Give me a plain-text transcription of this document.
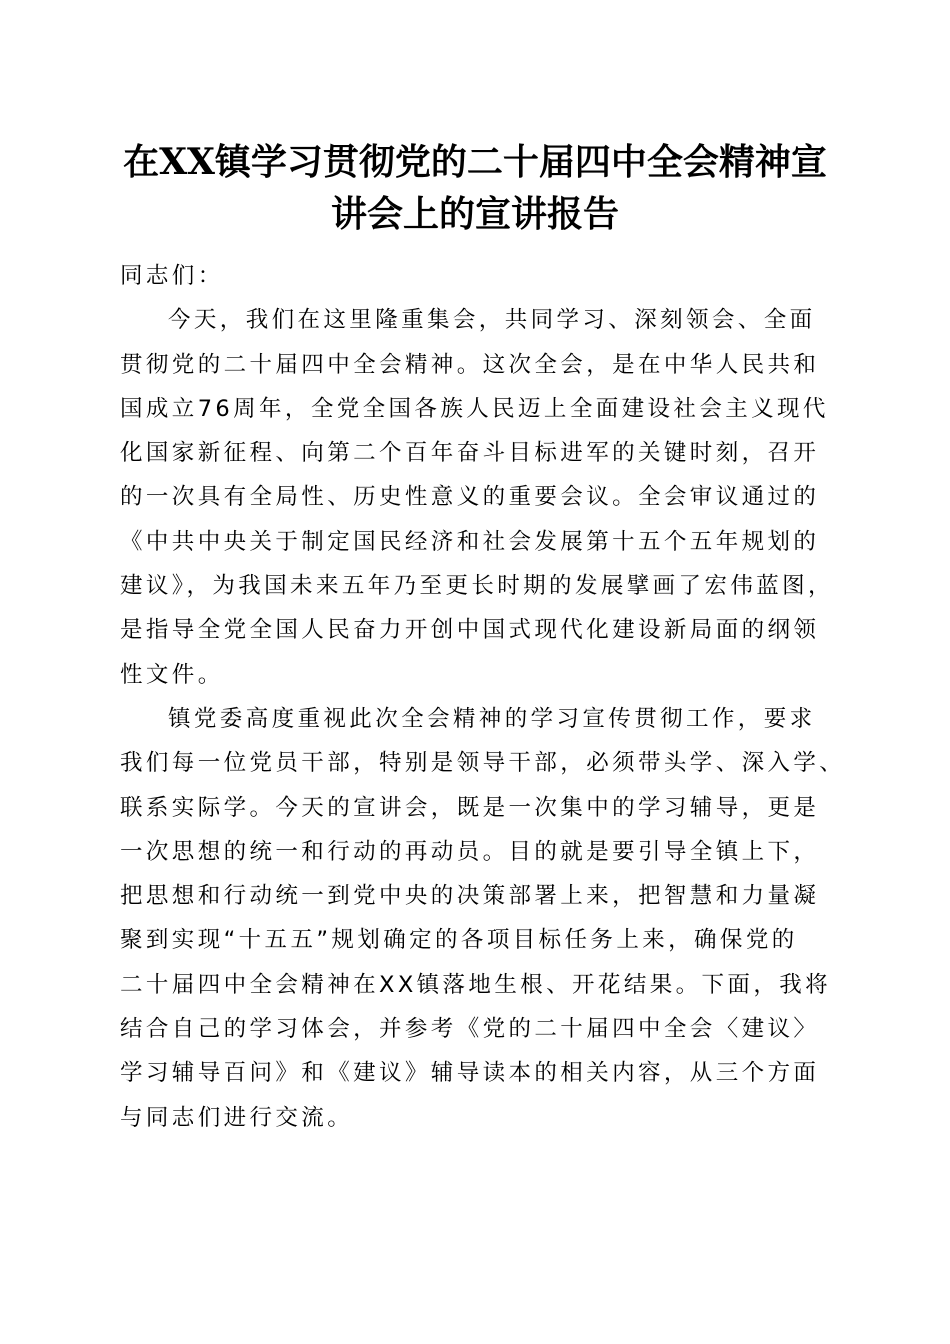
在XX镇学习贯彻党的二十届四中全会精神宣
讲会上的宣讲报告
同志们：
今天，我们在这里隆重集会，共同学习、深刻领会、全面
贯彻党的二十届四中全会精神。这次全会，是在中华人民共和
国成立76周年，全党全国各族人民迈上全面建设社会主义现代
化国家新征程、向第二个百年奋斗目标进军的关键时刻，召开
的一次具有全局性、历史性意义的重要会议。全会审议通过的
《中共中央关于制定国民经济和社会发展第十五个五年规划的
建议》，为我国未来五年乃至更长时期的发展擘画了宏伟蓝图，
是指导全党全国人民奋力开创中国式现代化建设新局面的纲领
性文件。
镇党委高度重视此次全会精神的学习宣传贯彻工作，要求
我们每一位党员干部，特别是领导干部，必须带头学、深入学、
联系实际学。今天的宣讲会，既是一次集中的学习辅导，更是
一次思想的统一和行动的再动员。目的就是要引导全镇上下，
把思想和行动统一到党中央的决策部署上来，把智慧和力量凝
聚到实现“十五五”规划确定的各项目标任务上来，确保党的
二十届四中全会精神在XX镇落地生根、开花结果。下面，我将
结合自己的学习体会，并参考《党的二十届四中全会〈建议〉
学习辅导百问》和《建议》辅导读本的相关内容，从三个方面
与同志们进行交流。
